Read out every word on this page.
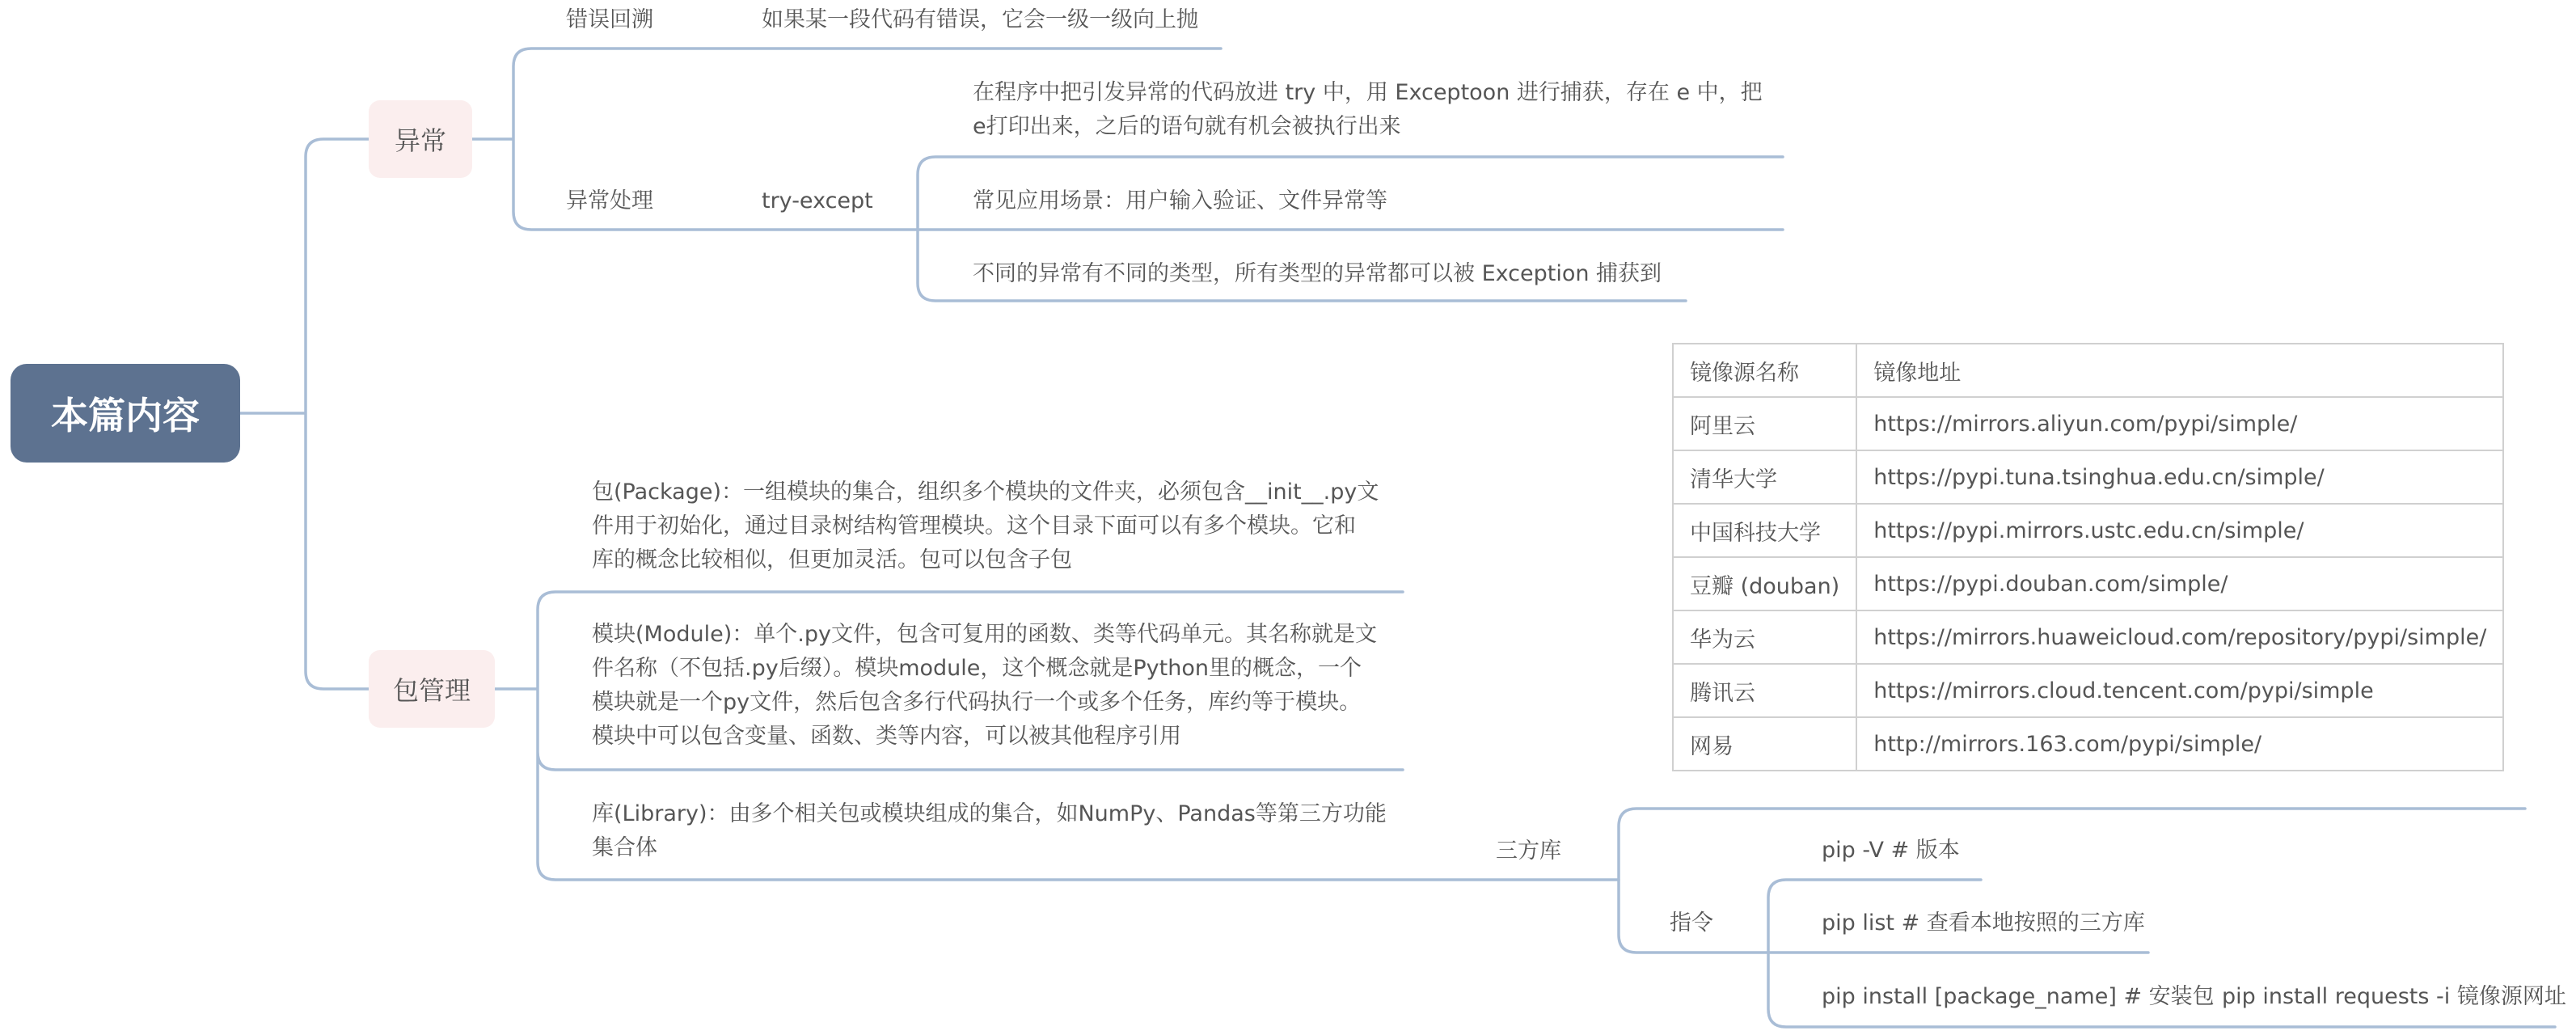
本篇内容
异常
错误回溯	如果某一段代码有错误，它会一级一级向上抛
异常处理	try-except
在程序中把引发异常的代码放进 try 中，用 Exceptoon 进行捕获，存在 e 中，把
e打印出来，之后的语句就有机会被执行出来
常见应用场景：用户输入验证、文件异常等
不同的异常有不同的类型，所有类型的异常都可以被 Exception 捕获到
包管理
包(Package)：一组模块的集合，组织多个模块的文件夹，必须包含__init__.py文
件用于初始化，通过目录树结构管理模块。这个目录下面可以有多个模块。它和
库的概念比较相似，但更加灵活。包可以包含子包
模块(Module)：单个.py文件，包含可复用的函数、类等代码单元。其名称就是文
件名称（不包括.py后缀）。模块module，这个概念就是Python里的概念，一个
模块就是一个py文件，然后包含多行代码执行一个或多个任务，库约等于模块。
模块中可以包含变量、函数、类等内容，可以被其他程序引用
库(Library)：由多个相关包或模块组成的集合，如NumPy、Pandas等第三方功能
集合体	三方库
镜像源名称	镜像地址
阿里云	https://mirrors.aliyun.com/pypi/simple/
清华大学	https://pypi.tuna.tsinghua.edu.cn/simple/
中国科技大学	https://pypi.mirrors.ustc.edu.cn/simple/
豆瓣 (douban)	https://pypi.douban.com/simple/
华为云	https://mirrors.huaweicloud.com/repository/pypi/simple/
腾讯云	https://mirrors.cloud.tencent.com/pypi/simple
网易	http://mirrors.163.com/pypi/simple/
指令
pip -V # 版本
pip list # 查看本地按照的三方库
pip install [package_name] # 安装包 pip install requests -i 镜像源网址
